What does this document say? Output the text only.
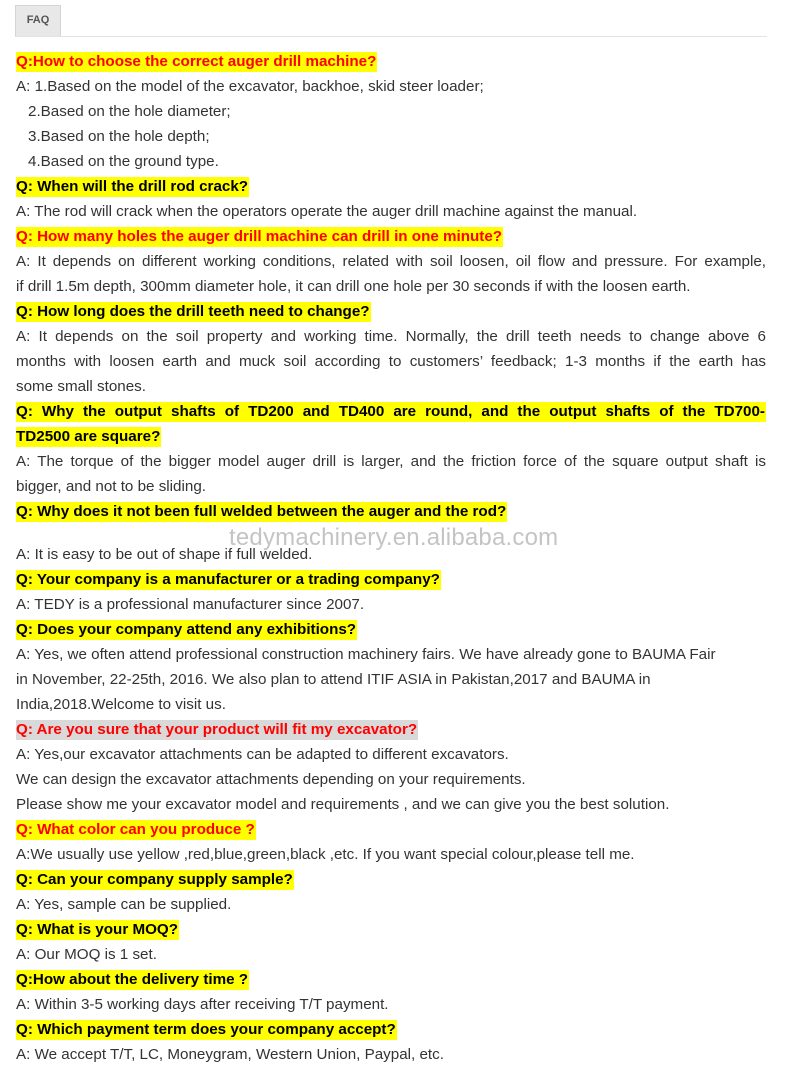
FAQ

Q:How to choose the correct auger drill machine?

A: 1.Based on the model of the excavator, backhoe, skid steer loader;

2.Based on the hole diameter;

3.Based on the hole depth;

4.Based on the ground type.

Q: When will the drill rod crack?

A: The rod will crack when the operators operate the auger drill machine against the manual.

Q: How many holes the auger drill machine can drill in one minute?

A: It depends on different working conditions, related with soil loosen, oil flow and pressure. For example,

if drill 1.5m depth, 300mm diameter hole, it can drill one hole per 30 seconds if with the loosen earth.

Q: How long does the drill teeth need to change?

A: It depends on the soil property and working time. Normally, the drill teeth needs to change above 6

months with loosen earth and muck soil according to customers’ feedback; 1-3 months if the earth has

some small stones.

Q: Why the output shafts of TD200 and TD400 are round, and the output shafts of the TD700-

TD2500 are square?

A: The torque of the bigger model auger drill is larger, and the friction force of the square output shaft is

bigger, and not to be sliding.

Q: Why does it not been full welded between the auger and the rod?

A: It is easy to be out of shape if full welded.

Q: Your company is a manufacturer or a trading company?

A: TEDY is a professional manufacturer since 2007.

Q: Does your company attend any exhibitions?

A: Yes, we often attend professional construction machinery fairs. We have already gone to BAUMA Fair

in November, 22-25th, 2016. We also plan to attend ITIF ASIA in Pakistan,2017 and BAUMA in

India,2018.Welcome to visit us.

Q: Are you sure that your product will fit my excavator?

A: Yes,our excavator attachments can be adapted to different excavators.

We can design the excavator attachments depending on your requirements.

Please show me your excavator model and requirements , and we can give you the best solution.

Q: What color can you produce ?

A:We usually use yellow ,red,blue,green,black ,etc. If you want special colour,please tell me.

Q: Can your company supply sample?

A: Yes, sample can be supplied.

Q: What is your MOQ?

A: Our MOQ is 1 set.

Q:How about the delivery time ?

A: Within 3-5 working days after receiving T/T payment.

Q: Which payment term does your company accept?

A: We accept T/T, LC, Moneygram, Western Union, Paypal, etc.

tedymachinery.en.alibaba.com
